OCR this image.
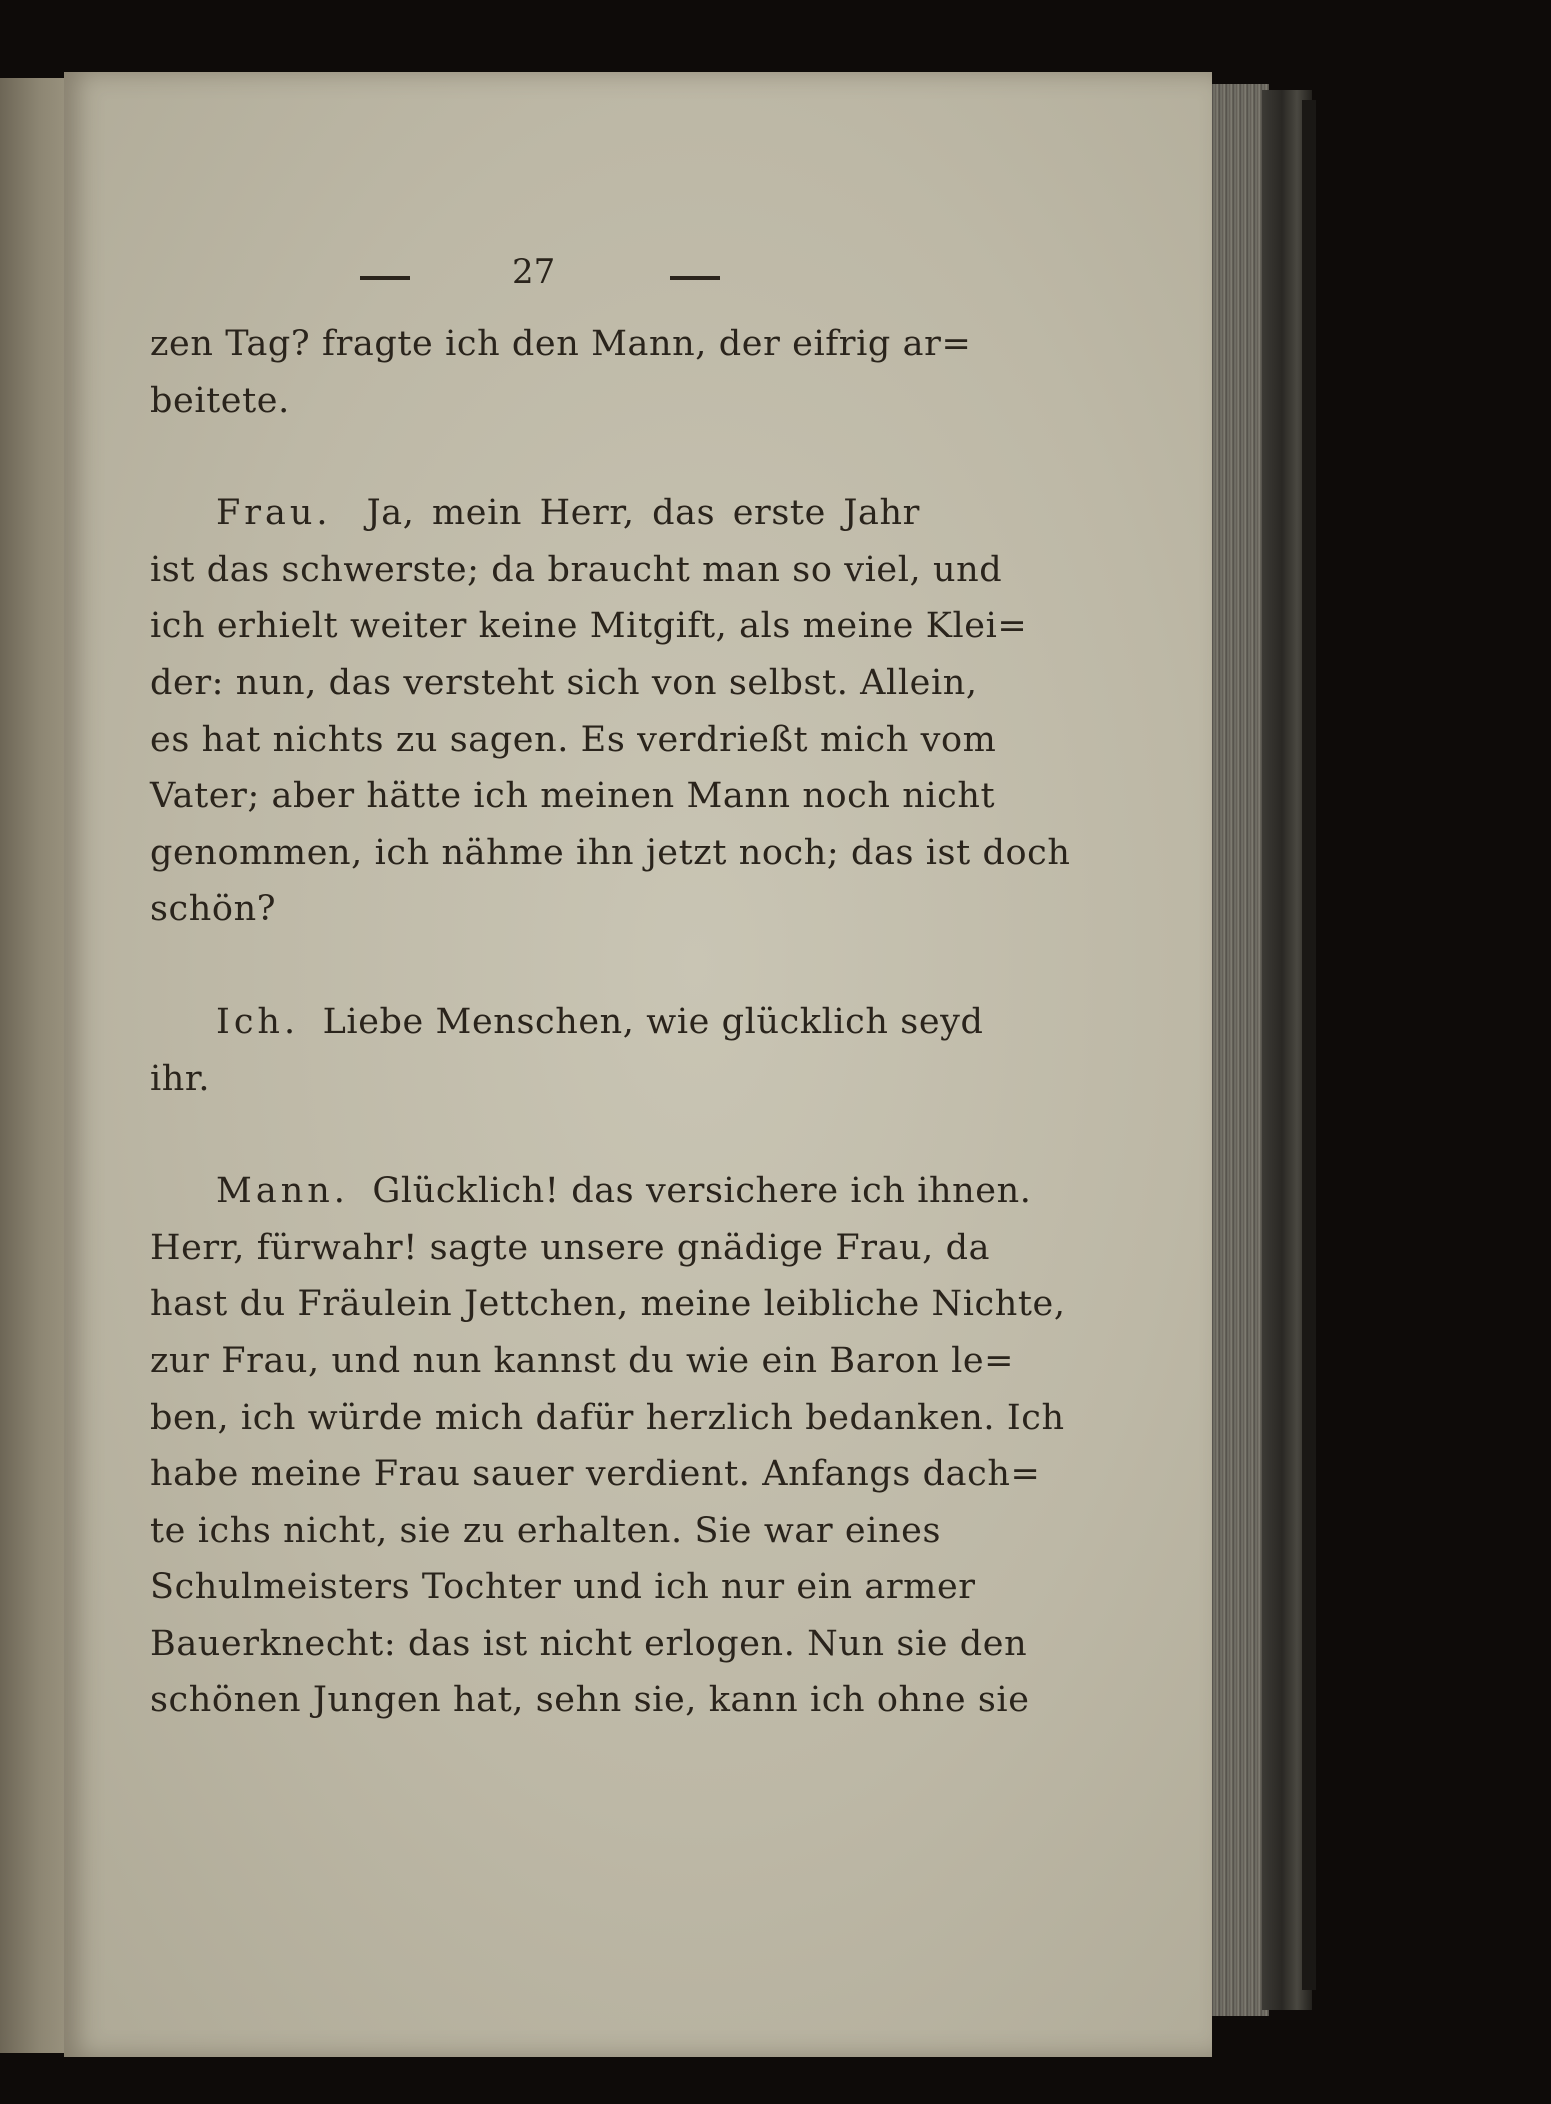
27
zen Tag? fragte ich den Mann, der eifrig ar=
beitete.
Frau. Ja, mein Herr, das erste Jahr
ist das schwerste; da braucht man so viel, und
ich erhielt weiter keine Mitgift, als meine Klei=
der: nun, das versteht sich von selbst. Allein,
es hat nichts zu sagen. Es verdrießt mich vom
Vater; aber hätte ich meinen Mann noch nicht
genommen, ich nähme ihn jetzt noch; das ist doch
schön?
Ich. Liebe Menschen, wie glücklich seyd
ihr.
Mann. Glücklich! das versichere ich ihnen.
Herr, fürwahr! sagte unsere gnädige Frau, da
hast du Fräulein Jettchen, meine leibliche Nichte,
zur Frau, und nun kannst du wie ein Baron le=
ben, ich würde mich dafür herzlich bedanken. Ich
habe meine Frau sauer verdient. Anfangs dach=
te ichs nicht, sie zu erhalten. Sie war eines
Schulmeisters Tochter und ich nur ein armer
Bauerknecht: das ist nicht erlogen. Nun sie den
schönen Jungen hat, sehn sie, kann ich ohne sie
